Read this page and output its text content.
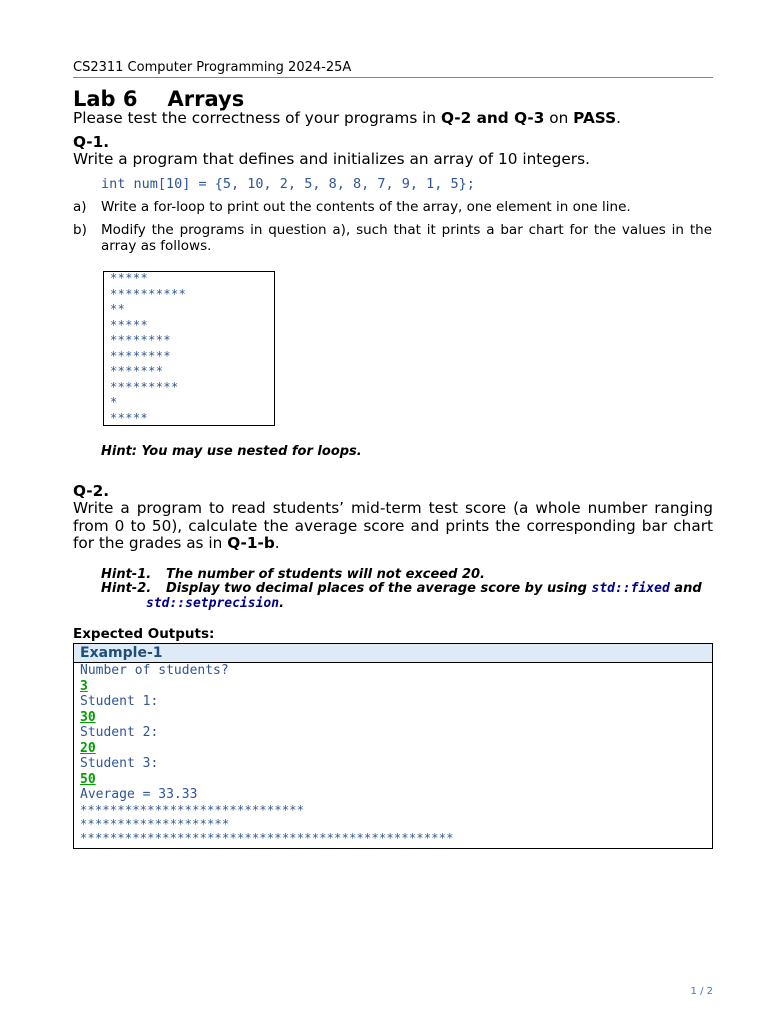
CS2311 Computer Programming 2024-25A
Lab 6 Arrays
Please test the correctness of your programs in Q-2 and Q-3 on PASS.
Q-1.
Write a program that defines and initializes an array of 10 integers.
int num[10] = {5, 10, 2, 5, 8, 8, 7, 9, 1, 5};
a) Write a for-loop to print out the contents of the array, one element in one line.
b) Modify the programs in question a), such that it prints a bar chart for the values in the array as follows.
*****
**********
**
*****
********
********
*******
*********
*
*****
Hint: You may use nested for loops.
Q-2.
Write a program to read students’ mid-term test score (a whole number ranging from 0 to 50), calculate the average score and prints the corresponding bar chart for the grades as in Q-1-b.
Hint-1. The number of students will not exceed 20.
Hint-2. Display two decimal places of the average score by using std::fixed and
std::setprecision.
Expected Outputs:
Example-1
Number of students?
3
Student 1:
30
Student 2:
20
Student 3:
50
Average = 33.33
******************************
********************
**************************************************
1 / 2
